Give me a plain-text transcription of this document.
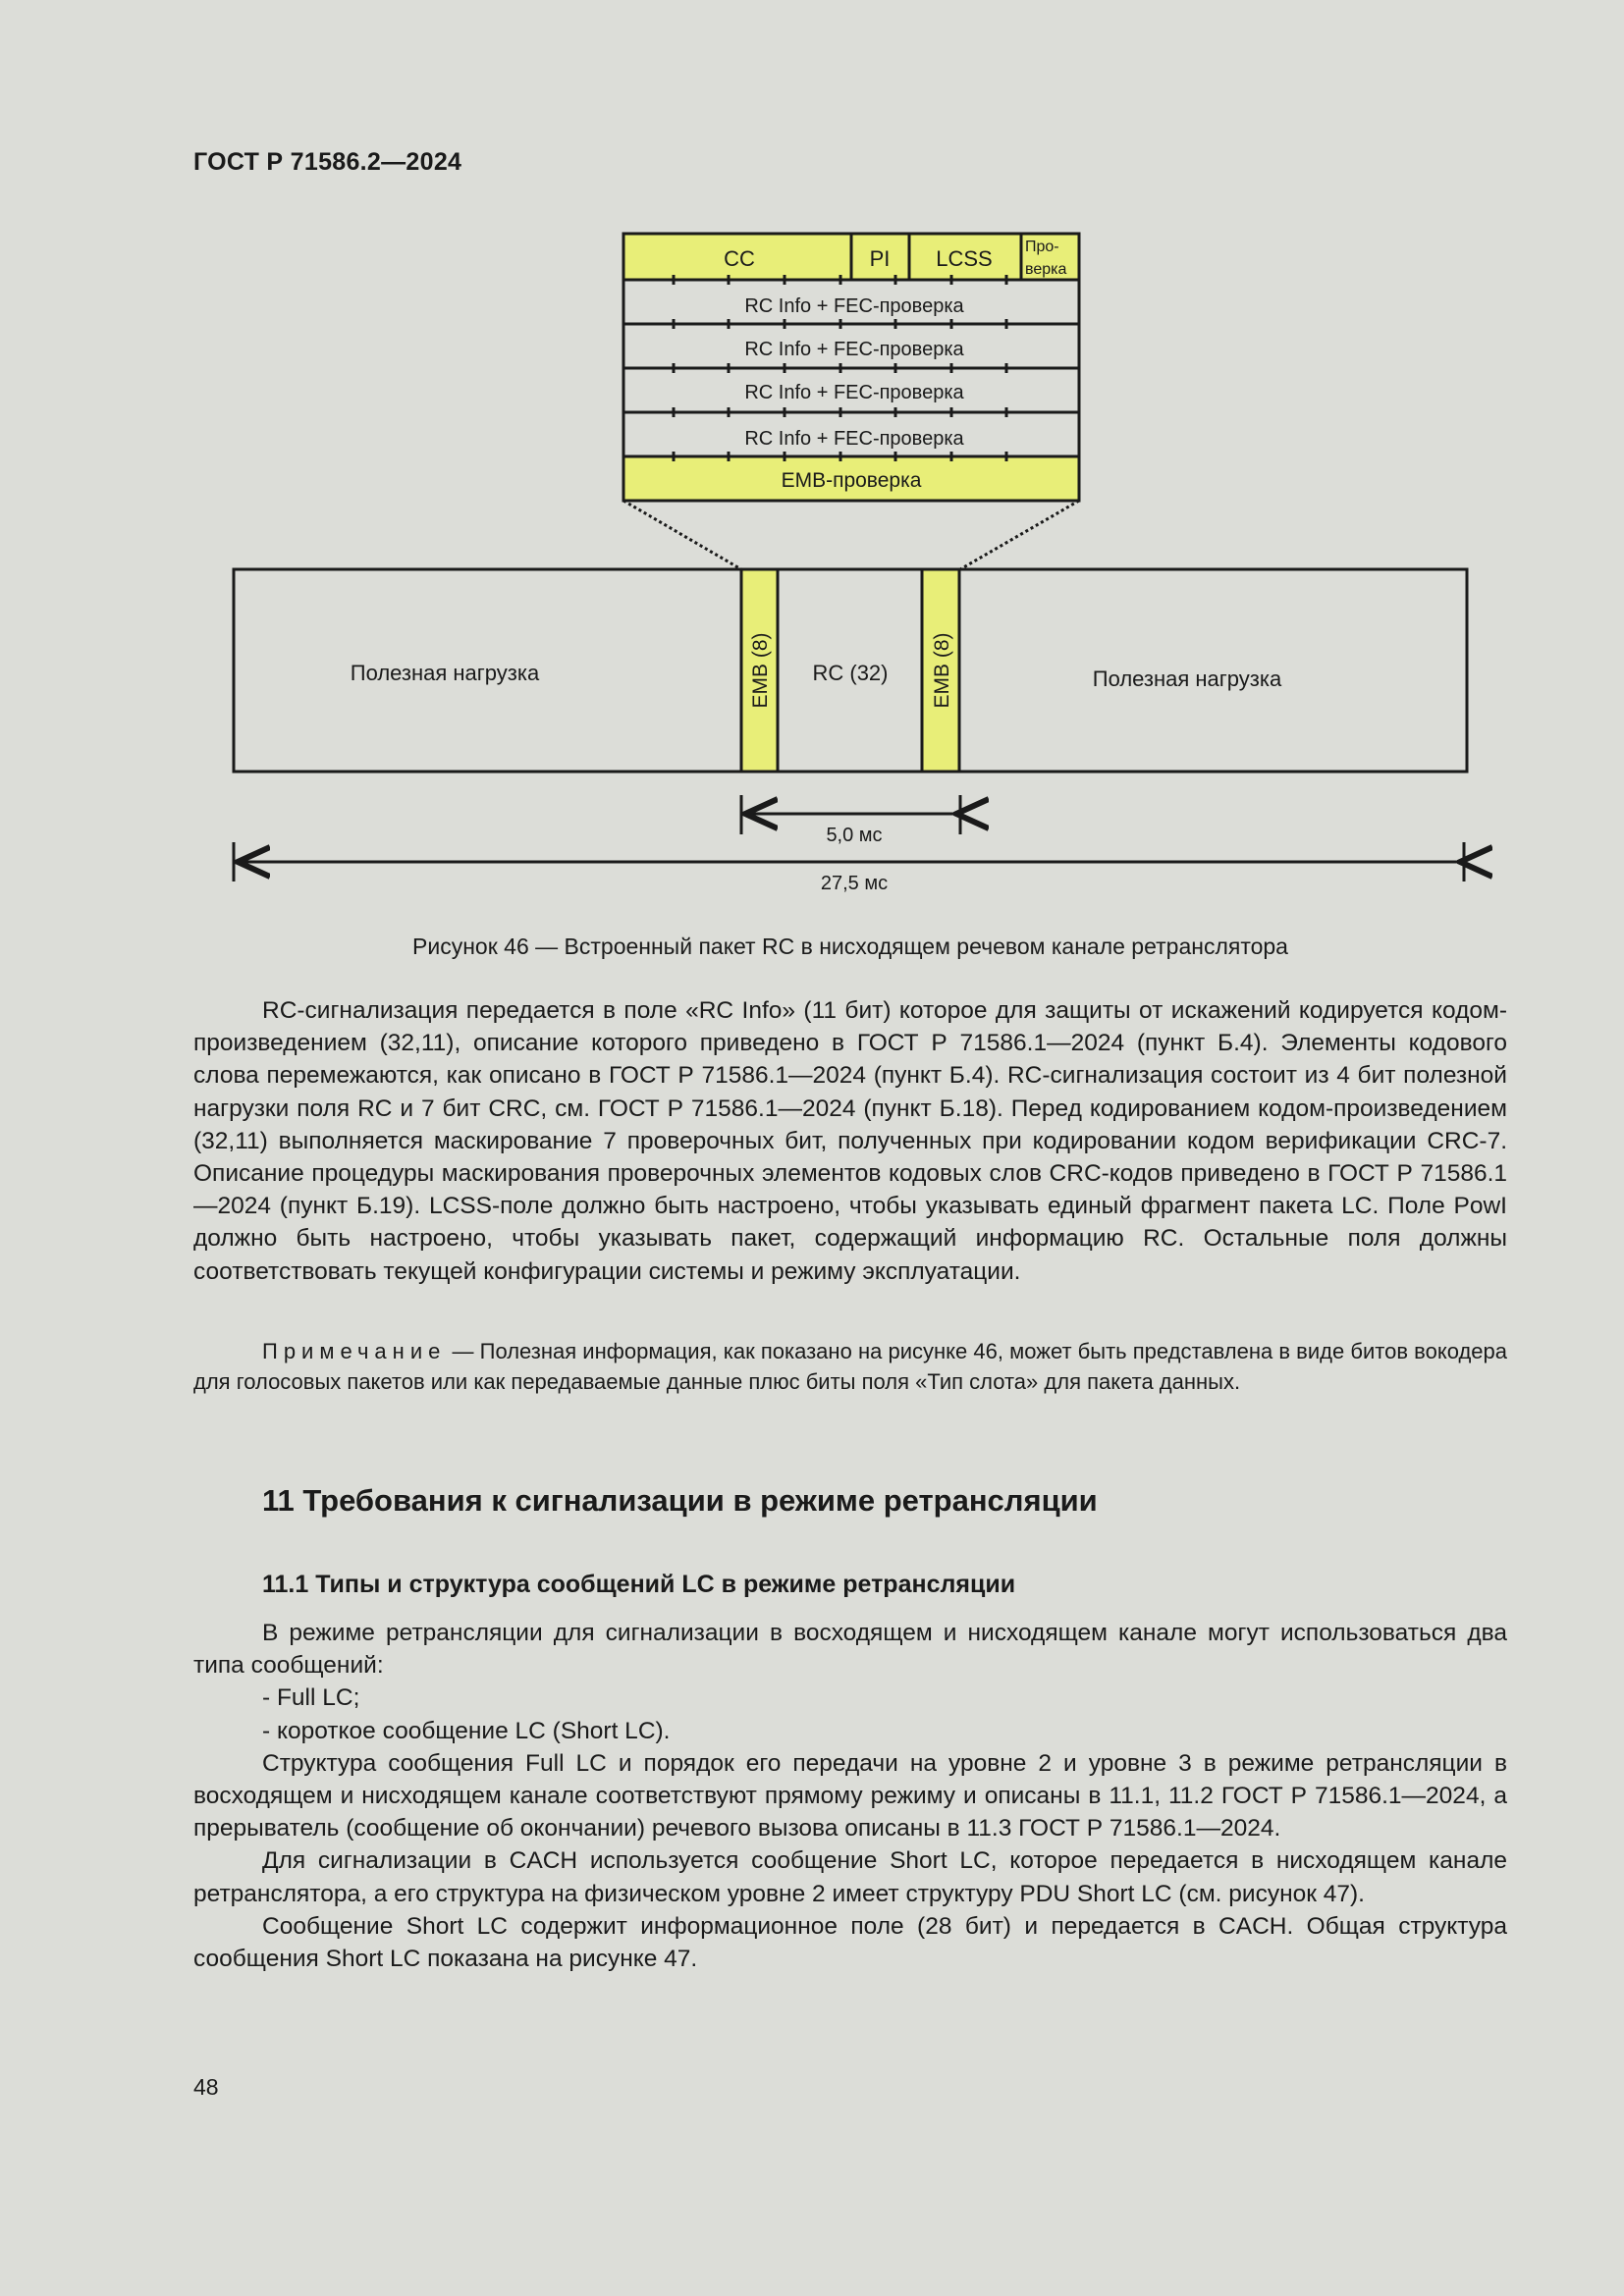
ГОСТ Р 71586.2—2024
CC	PI LCSS Про-
верка
RC Info + FEC-проверка
RC Info + FEC-проверка
RC Info + FEC-проверка
RC Info + FEC-проверка
EMB-проверка
Полезная нагрузка	EMB (8) RC (32) EMB (8)	Полезная нагрузка
5,0 мс
27,5 мс
Рисунок 46 — Встроенный пакет RC в нисходящем речевом канале ретранслятора

RC-сигнализация передается в поле «RC Info» (11 бит) которое для защиты от искажений кодируется кодом-произведением (32,11), описание которого приведено в ГОСТ Р 71586.1—2024 (пункт Б.4). Элементы кодового слова перемежаются, как описано в ГОСТ Р 71586.1—2024 (пункт Б.4). RC-сигнализация состоит из 4 бит полезной нагрузки поля RC и 7 бит CRC, см. ГОСТ Р 71586.1—2024 (пункт Б.18). Перед кодированием кодом-произведением (32,11) выполняется маскирование 7 проверочных бит, полученных при кодировании кодом верификации CRC-7. Описание процедуры маскирования проверочных элементов кодовых слов CRC-кодов приведено в ГОСТ Р 71586.1—2024 (пункт Б.19). LCSS-поле должно быть настроено, чтобы указывать единый фрагмент пакета LC. Поле PowI должно быть настроено, чтобы указывать пакет, содержащий информацию RC. Остальные поля должны соответствовать текущей конфигурации системы и режиму эксплуатации.

Примечание — Полезная информация, как показано на рисунке 46, может быть представлена в виде битов вокодера для голосовых пакетов или как передаваемые данные плюс биты поля «Тип слота» для пакета данных.

11 Требования к сигнализации в режиме ретрансляции
11.1 Типы и структура сообщений LC в режиме ретрансляции

В режиме ретрансляции для сигнализации в восходящем и нисходящем канале могут использоваться два типа сообщений:

- Full LC;

- короткое сообщение LC (Short LC).

Структура сообщения Full LC и порядок его передачи на уровне 2 и уровне 3 в режиме ретрансляции в восходящем и нисходящем канале соответствуют прямому режиму и описаны в 11.1, 11.2 ГОСТ Р 71586.1—2024, а прерыватель (сообщение об окончании) речевого вызова описаны в 11.3 ГОСТ Р 71586.1—2024.

Для сигнализации в CACH используется сообщение Short LC, которое передается в нисходящем канале ретранслятора, а его структура на физическом уровне 2 имеет структуру PDU Short LC (см. рисунок 47).

Сообщение Short LC содержит информационное поле (28 бит) и передается в CACH. Общая структура сообщения Short LC показана на рисунке 47.

48
